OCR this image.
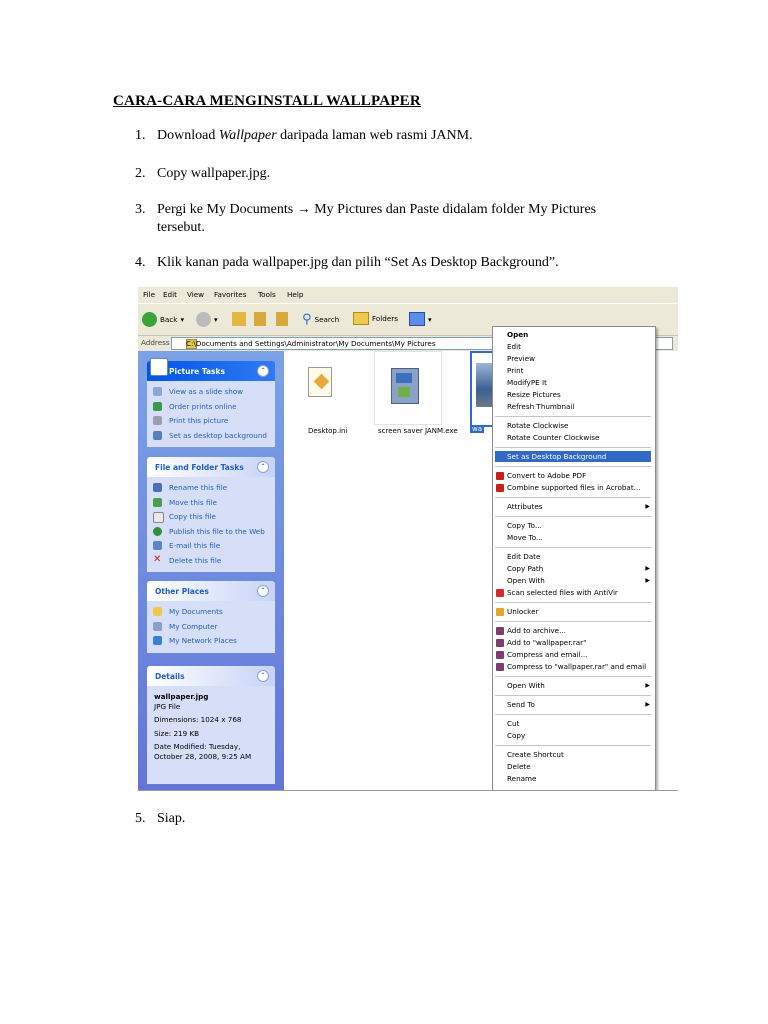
CARA-CARA MENGINSTALL WALLPAPER
1. Download Wallpaper daripada laman web rasmi JANM.
2. Copy wallpaper.jpg.
3. Pergi ke My Documents → My Pictures dan Paste didalam folder My Pictures tersebut.
4. Klik kanan pada wallpaper.jpg dan pilih “Set As Desktop Background”.
5. Siap.
File Edit View Favorites Tools Help
Back ▾	▾	⚲ Search	Folders	▾
Address C:\Documents and Settings\Administrator\My Documents\My Pictures
Picture Tasks	⌃
View as a slide show
Order prints online
Print this picture
Set as desktop background
File and Folder Tasks	⌃
Rename this file
Move this file
Copy this file
Publish this file to the Web
E-mail this file
✕ Delete this file
Other Places	⌃
My Documents
My Computer
My Network Places
Details	⌃
wallpaper.jpg
JPG File
Dimensions: 1024 x 768
Size: 219 KB
Date Modified: Tuesday,
October 28, 2008, 9:25 AM
Desktop.ini	screen saver JANM.exe wa
Open
Edit
Preview
Print
ModifyPE It
Resize Pictures
Refresh Thumbnail
Rotate Clockwise
Rotate Counter Clockwise
Set as Desktop Background
Convert to Adobe PDF
Combine supported files in Acrobat...
Attributes	▶
Copy To...
Move To...
Edit Date
Copy Path	▶
Open With	▶
Scan selected files with AntiVir
Unlocker
Add to archive...
Add to "wallpaper.rar"
Compress and email...
Compress to "wallpaper.rar" and email
Open With	▶
Send To	▶
Cut
Copy
Create Shortcut
Delete
Rename
